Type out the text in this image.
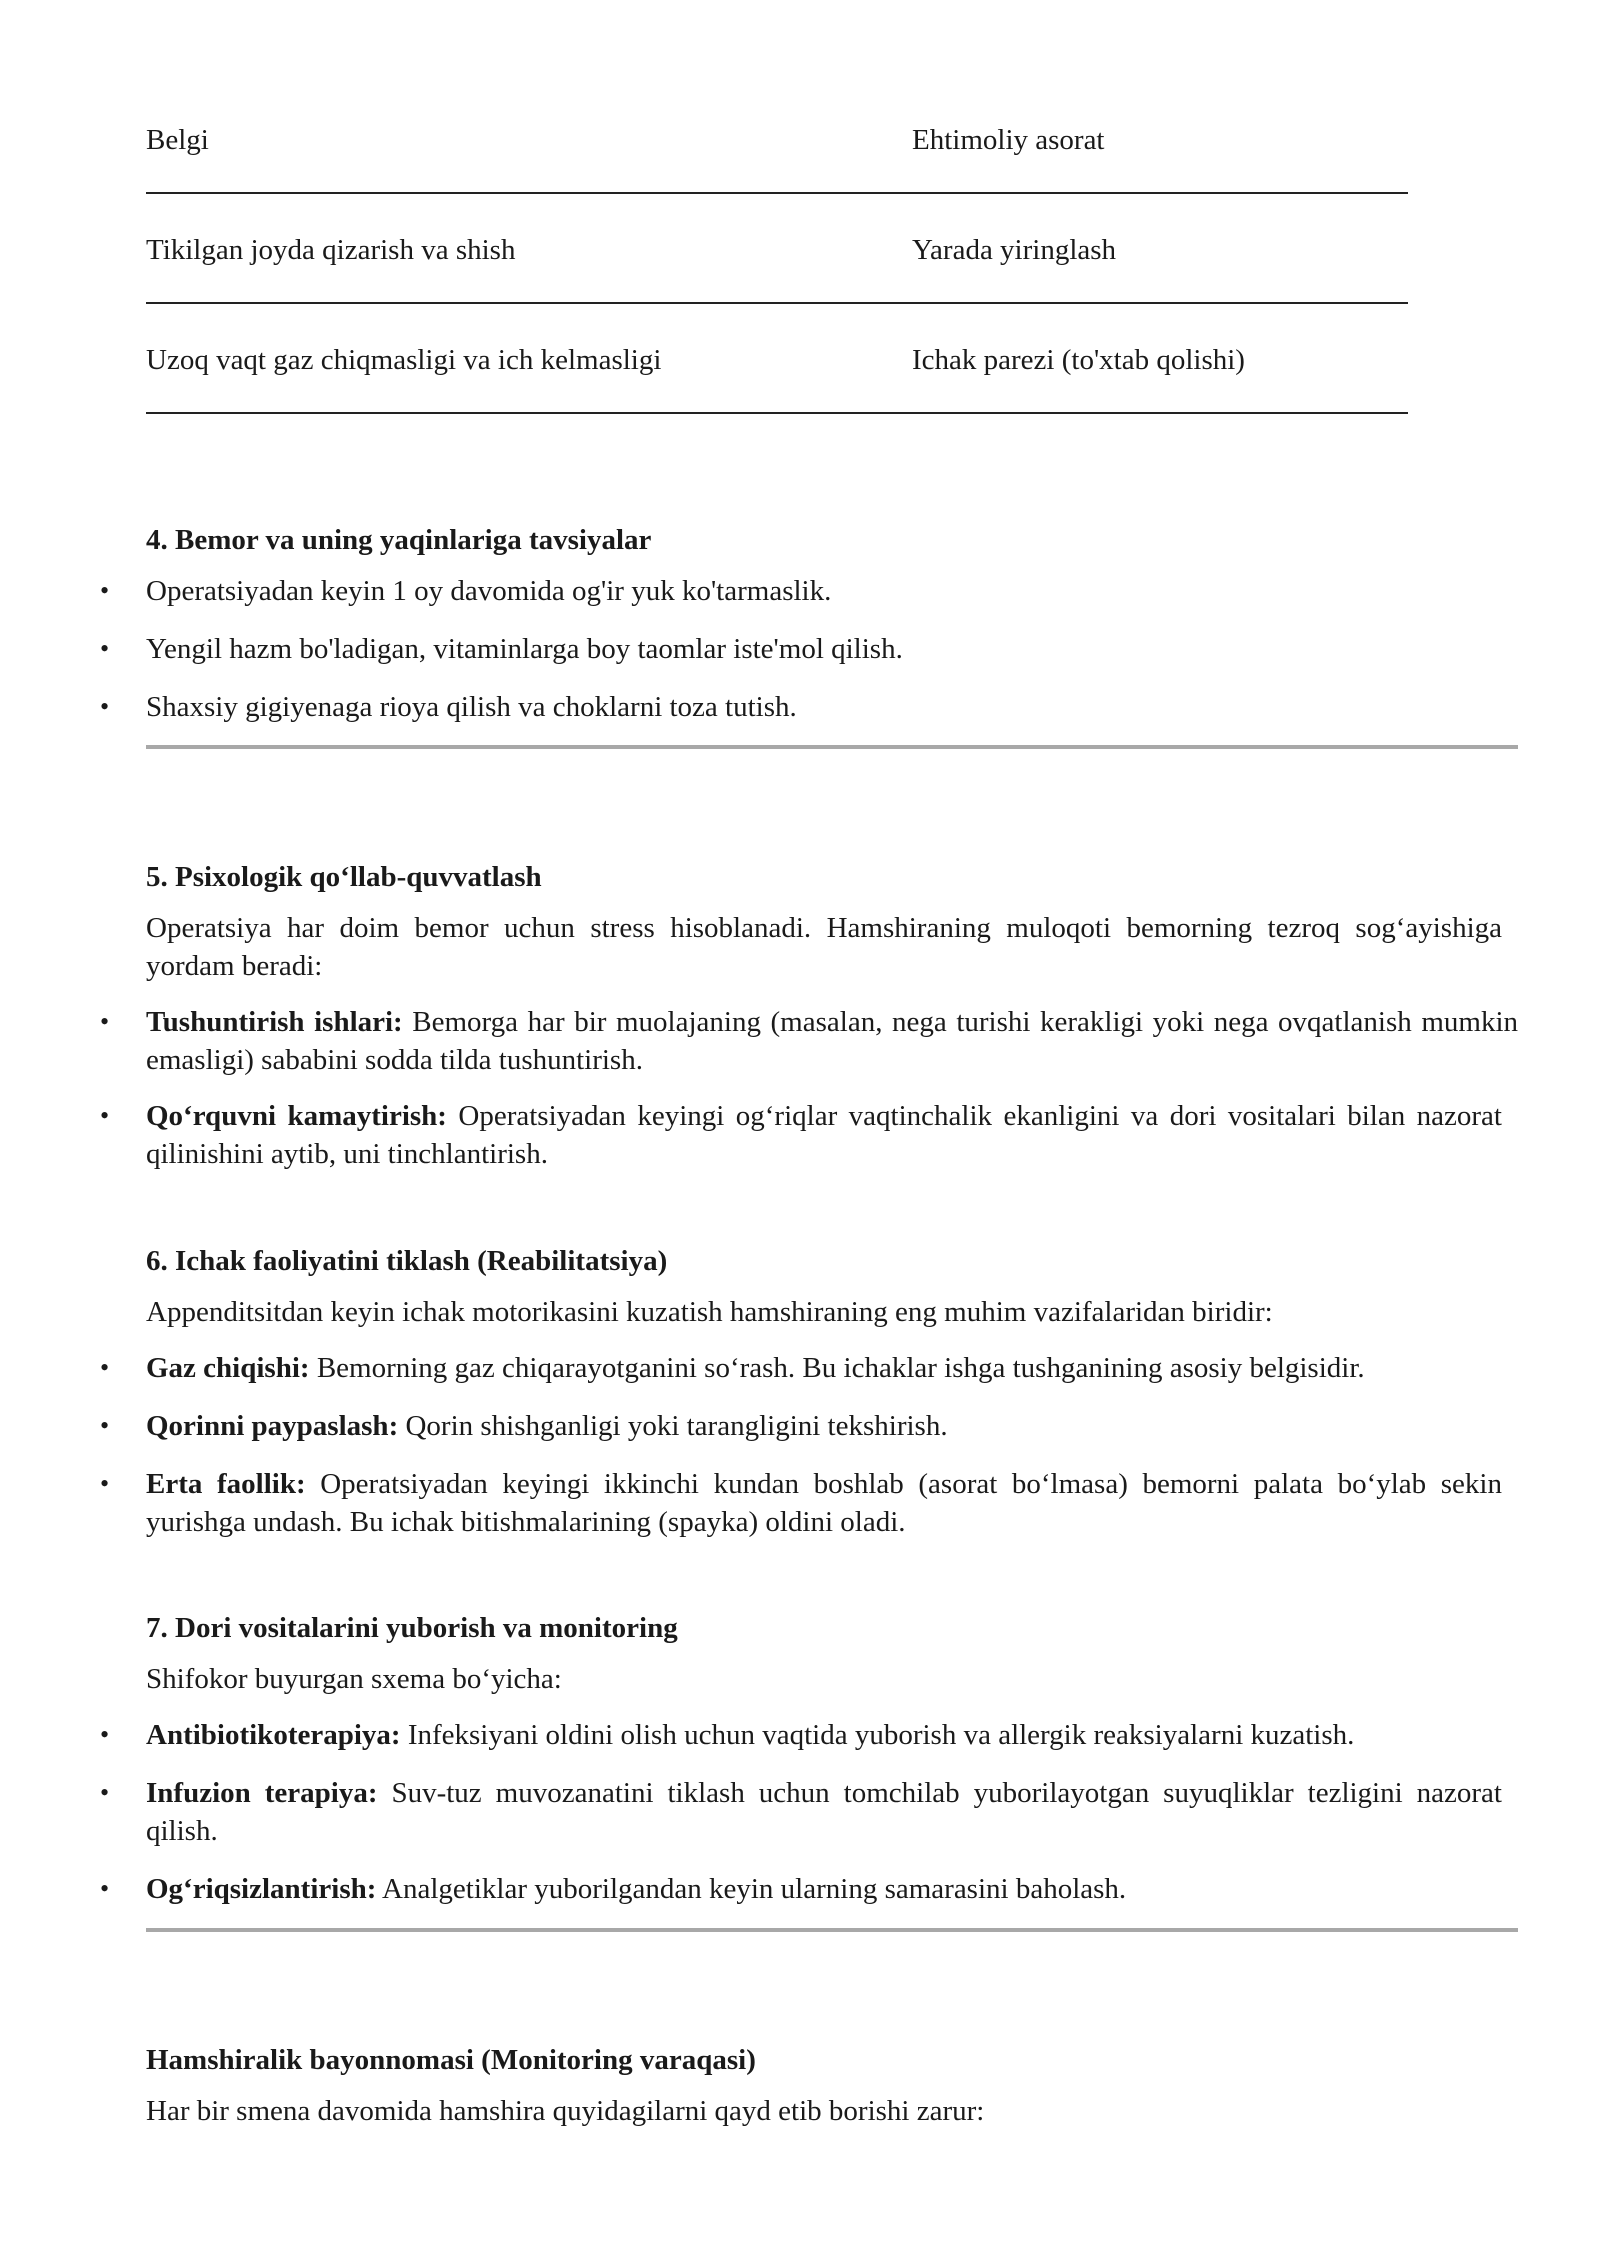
Belgi	Ehtimoliy asorat
Tikilgan joyda qizarish va shish	Yarada yiringlash
Uzoq vaqt gaz chiqmasligi va ich kelmasligi	Ichak parezi (to'xtab qolishi)

4. Bemor va uning yaqinlariga tavsiyalar

• Operatsiyadan keyin 1 oy davomida og'ir yuk ko'tarmaslik.
• Yengil hazm bo'ladigan, vitaminlarga boy taomlar iste'mol qilish.
• Shaxsiy gigiyenaga rioya qilish va choklarni toza tutish.

5. Psixologik qo‘llab-quvvatlash

Operatsiya har doim bemor uchun stress hisoblanadi. Hamshiraning muloqoti bemorning tezroq sog‘ayishiga yordam beradi:

• Tushuntirish ishlari: Bemorga har bir muolajaning (masalan, nega turishi kerakligi yoki nega ovqatlanish mumkin emasligi) sababini sodda tilda tushuntirish.
• Qo‘rquvni kamaytirish: Operatsiyadan keyingi og‘riqlar vaqtinchalik ekanligini va dori vositalari bilan nazorat qilinishini aytib, uni tinchlantirish.

6. Ichak faoliyatini tiklash (Reabilitatsiya)

Appenditsitdan keyin ichak motorikasini kuzatish hamshiraning eng muhim vazifalaridan biridir:

• Gaz chiqishi: Bemorning gaz chiqarayotganini so‘rash. Bu ichaklar ishga tushganining asosiy belgisidir.
• Qorinni paypaslash: Qorin shishganligi yoki tarangligini tekshirish.
• Erta faollik: Operatsiyadan keyingi ikkinchi kundan boshlab (asorat bo‘lmasa) bemorni palata bo‘ylab sekin yurishga undash. Bu ichak bitishmalarining (spayka) oldini oladi.

7. Dori vositalarini yuborish va monitoring

Shifokor buyurgan sxema bo‘yicha:

• Antibiotikoterapiya: Infeksiyani oldini olish uchun vaqtida yuborish va allergik reaksiyalarni kuzatish.
• Infuzion terapiya: Suv-tuz muvozanatini tiklash uchun tomchilab yuborilayotgan suyuqliklar tezligini nazorat qilish.
• Og‘riqsizlantirish: Analgetiklar yuborilgandan keyin ularning samarasini baholash.

Hamshiralik bayonnomasi (Monitoring varaqasi)

Har bir smena davomida hamshira quyidagilarni qayd etib borishi zarur:
